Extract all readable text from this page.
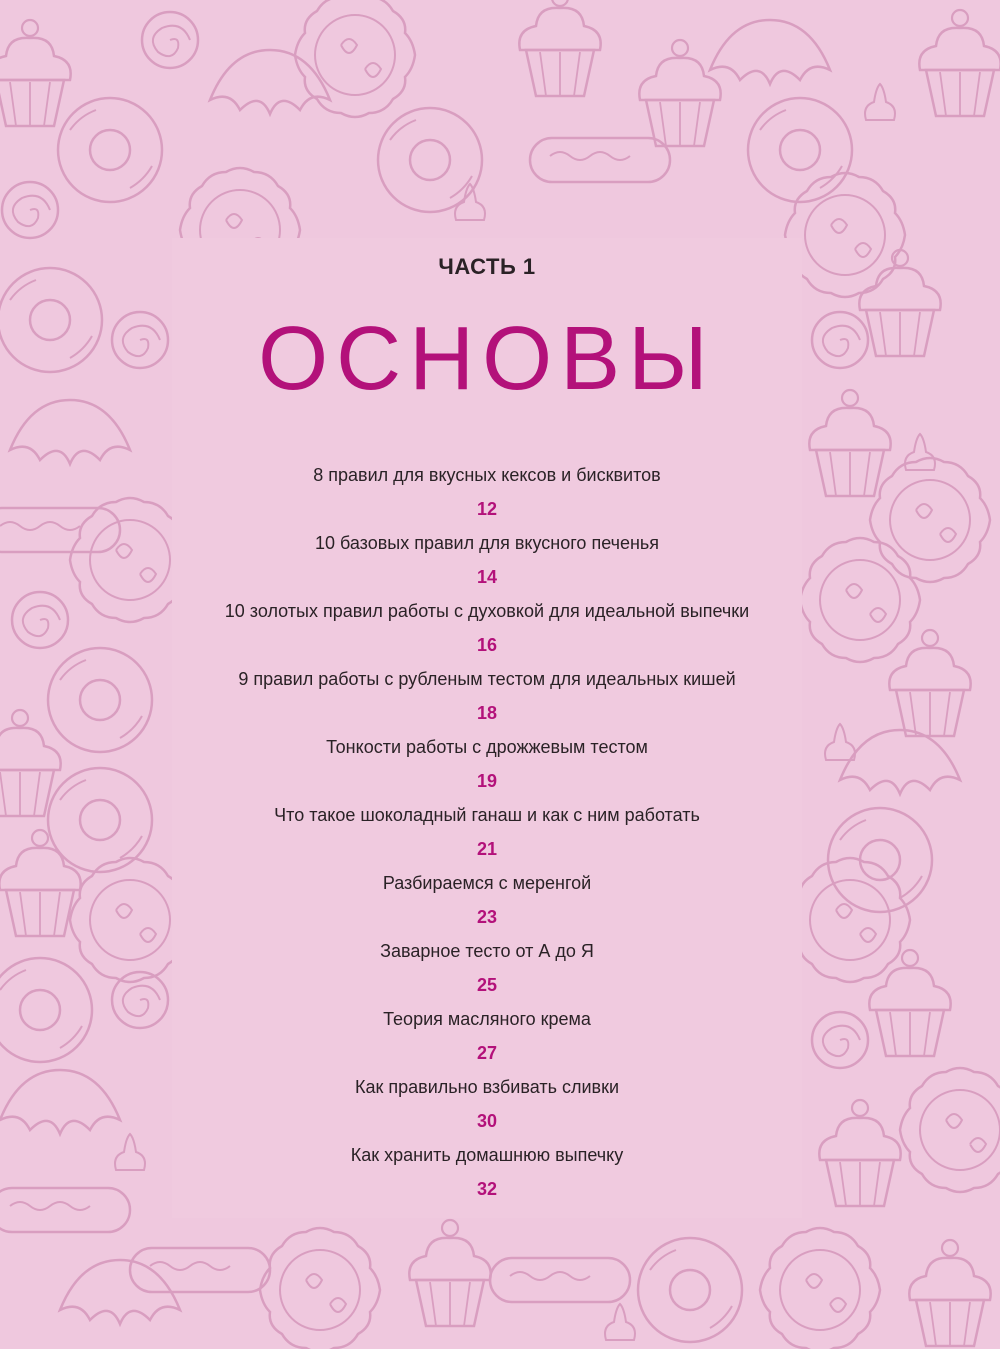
ЧАСТЬ 1
ОСНОВЫ
8 правил для вкусных кексов и бисквитов
12
10 базовых правил для вкусного печенья
14
10 золотых правил работы с духовкой для идеальной выпечки
16
9 правил работы с рубленым тестом для идеальных кишей
18
Тонкости работы с дрожжевым тестом
19
Что такое шоколадный ганаш и как с ним работать
21
Разбираемся с меренгой
23
Заварное тесто от А до Я
25
Теория масляного крема
27
Как правильно взбивать сливки
30
Как хранить домашнюю выпечку
32
